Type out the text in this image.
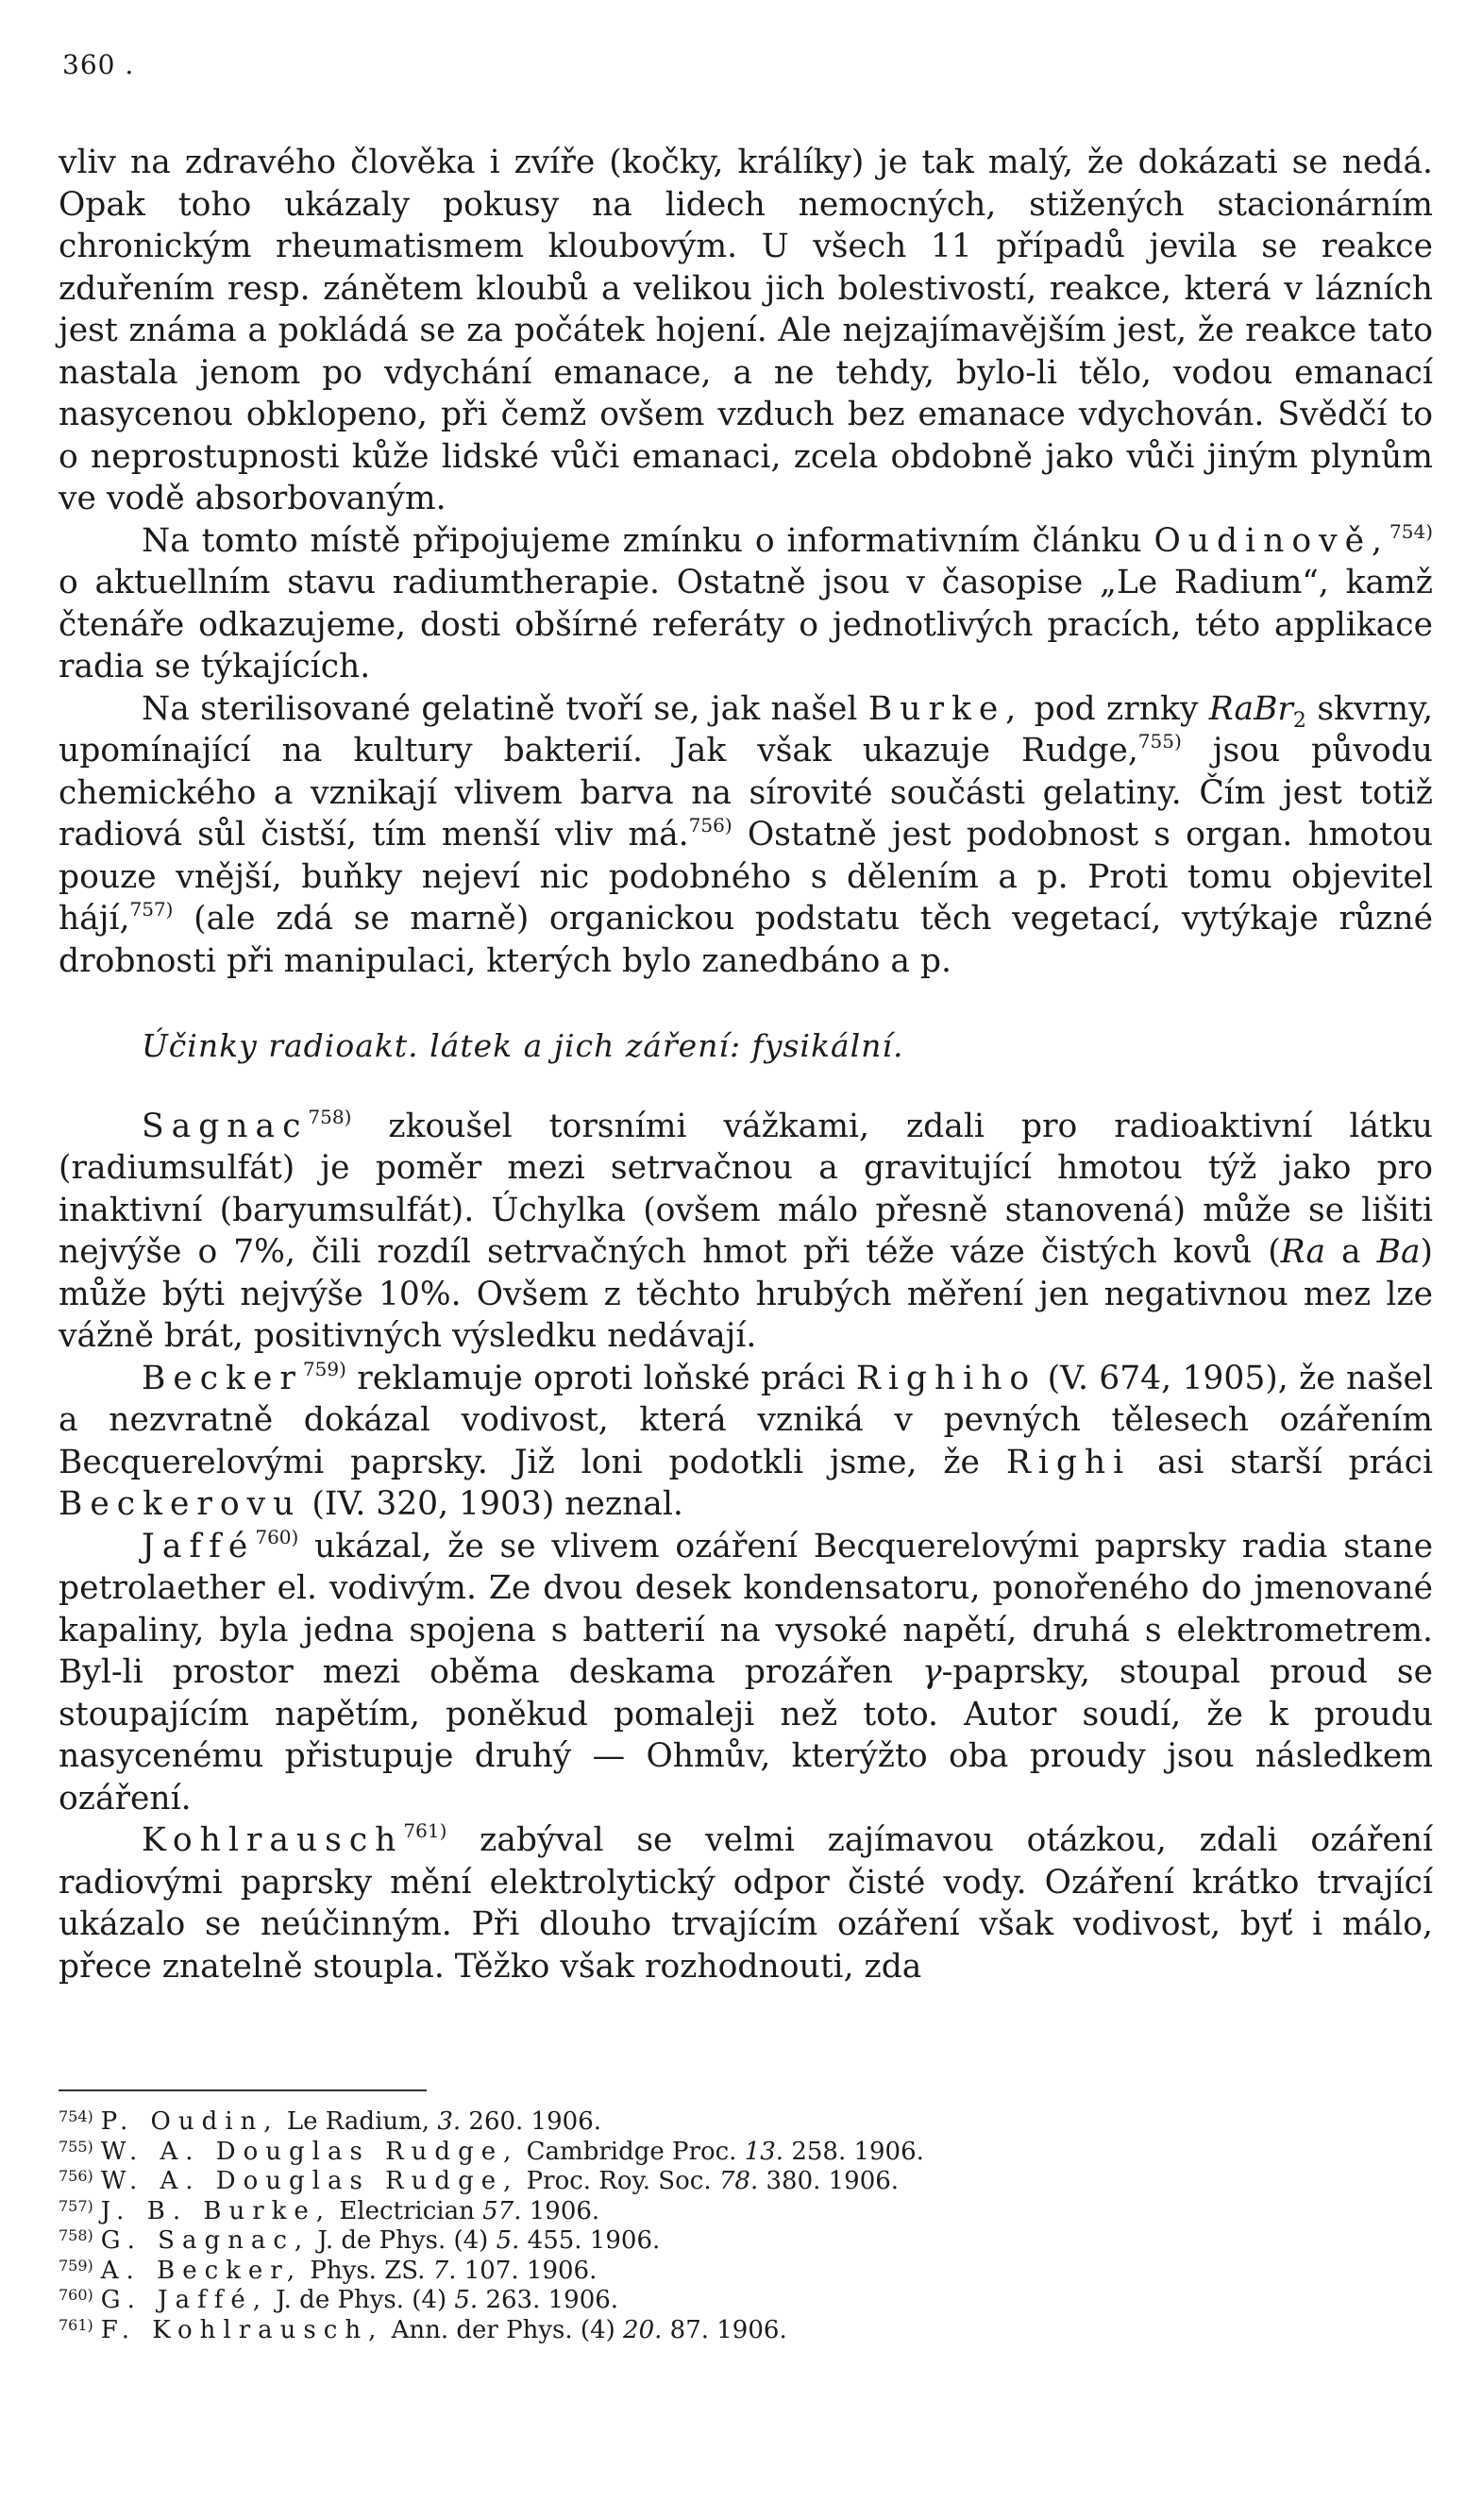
360 .

vliv na zdravého člověka i zvíře (kočky, králíky) je tak malý, že dokázati se nedá. Opak toho ukázaly pokusy na lidech nemocných, stižených stacionárním chronickým rheumatismem kloubovým. U všech 11 případů jevila se reakce zduřením resp. zánětem kloubů a velikou jich bolestivostí, reakce, která v lázních jest známa a pokládá se za počátek hojení. Ale nejzajímavějším jest, že reakce tato nastala jenom po vdychání emanace, a ne tehdy, bylo-li tělo, vodou emanací nasycenou obklopeno, při čemž ovšem vzduch bez emanace vdychován. Svědčí to o neprostupnosti kůže lidské vůči emanaci, zcela obdobně jako vůči jiným plynům ve vodě absorbovaným.

Na tomto místě připojujeme zmínku o informativním článku Oudinově,$^{754)}$ o aktuellním stavu radiumtherapie. Ostatně jsou v časopise „Le Radium“, kamž čtenáře odkazujeme, dosti obšírné referáty o jednotlivých pracích, této applikace radia se týkajících.

Na sterilisované gelatině tvoří se, jak našel Burke, pod zrnky RaBr$_2$ skvrny, upomínající na kultury bakterií. Jak však ukazuje Rudge,$^{755)}$ jsou původu chemického a vznikají vlivem barva na sírovité součásti gelatiny. Čím jest totiž radiová sůl čistší, tím menší vliv má.$^{756)}$ Ostatně jest podobnost s organ. hmotou pouze vnější, buňky nejeví nic podobného s dělením a p. Proti tomu objevitel hájí,$^{757)}$ (ale zdá se marně) organickou podstatu těch vegetací, vytýkaje různé drobnosti při manipulaci, kterých bylo zanedbáno a p.

Účinky radioakt. látek a jich záření: fysikální.

Sagnac$^{758)}$ zkoušel torsními vážkami, zdali pro radioaktivní látku (radiumsulfát) je poměr mezi setrvačnou a gravitující hmotou týž jako pro inaktivní (baryumsulfát). Úchylka (ovšem málo přesně stanovená) může se lišiti nejvýše o 7%, čili rozdíl setrvačných hmot při téže váze čistých kovů (Ra a Ba) může býti nejvýše 10%. Ovšem z těchto hrubých měření jen negativnou mez lze vážně brát, positivných výsledku nedávají.

Becker$^{759)}$ reklamuje oproti loňské práci Righiho (V. 674, 1905), že našel a nezvratně dokázal vodivost, která vzniká v pevných tělesech ozářením Becquerelovými paprsky. Již loni podotkli jsme, že Righi asi starší práci Beckerovu (IV. 320, 1903) neznal.

Jaffé$^{760)}$ ukázal, že se vlivem ozáření Becquerelovými paprsky radia stane petrolaether el. vodivým. Ze dvou desek kondensatoru, ponořeného do jmenované kapaliny, byla jedna spojena s batterií na vysoké napětí, druhá s elektrometrem. Byl-li prostor mezi oběma deskama prozářen γ-paprsky, stoupal proud se stoupajícím napětím, poněkud pomaleji než toto. Autor soudí, že k proudu nasycenému přistupuje druhý — Ohmův, kterýžto oba proudy jsou následkem ozáření.

Kohlrausch$^{761)}$ zabýval se velmi zajímavou otázkou, zdali ozáření radiovými paprsky mění elektrolytický odpor čisté vody. Ozáření krátko trvající ukázalo se neúčinným. Při dlouho trvajícím ozáření však vodivost, byť i málo, přece znatelně stoupla. Těžko však rozhodnouti, zda

$^{754)}$ P. Oudin, Le Radium, 3. 260. 1906.

$^{755)}$ W. A. Douglas Rudge, Cambridge Proc. 13. 258. 1906.

$^{756)}$ W. A. Douglas Rudge, Proc. Roy. Soc. 78. 380. 1906.

$^{757)}$ J. B. Burke, Electrician 57. 1906.

$^{758)}$ G. Sagnac, J. de Phys. (4) 5. 455. 1906.

$^{759)}$ A. Becker, Phys. ZS. 7. 107. 1906.

$^{760)}$ G. Jaffé, J. de Phys. (4) 5. 263. 1906.

$^{761)}$ F. Kohlrausch, Ann. der Phys. (4) 20. 87. 1906.
